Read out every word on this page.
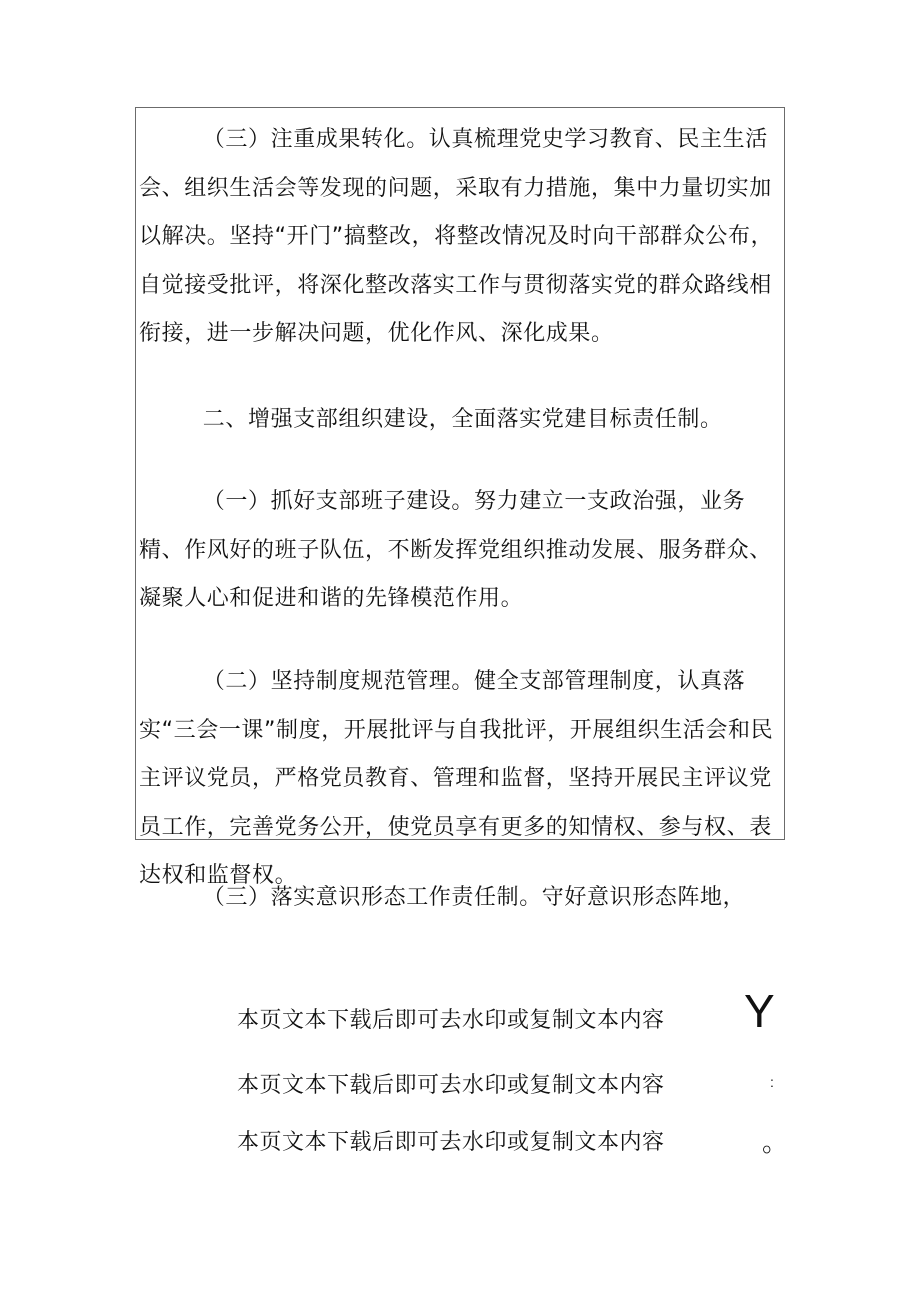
（三）注重成果转化。认真梳理党史学习教育、民主生活会、组织生活会等发现的问题，采取有力措施，集中力量切实加以解决。坚持“开门”搞整改，将整改情况及时向干部群众公布，自觉接受批评，将深化整改落实工作与贯彻落实党的群众路线相衔接，进一步解决问题，优化作风、深化成果。

二、增强支部组织建设，全面落实党建目标责任制。

（一）抓好支部班子建设。努力建立一支政治强，业务精、作风好的班子队伍，不断发挥党组织推动发展、服务群众、凝聚人心和促进和谐的先锋模范作用。

（二）坚持制度规范管理。健全支部管理制度，认真落实“三会一课”制度，开展批评与自我批评，开展组织生活会和民主评议党员，严格党员教育、管理和监督，坚持开展民主评议党员工作，完善党务公开，使党员享有更多的知情权、参与权、表达权和监督权。

（三）落实意识形态工作责任制。守好意识形态阵地，

本页文本下载后即可去水印或复制文本内容

本页文本下载后即可去水印或复制文本内容

本页文本下载后即可去水印或复制文本内容

Y
:
。
